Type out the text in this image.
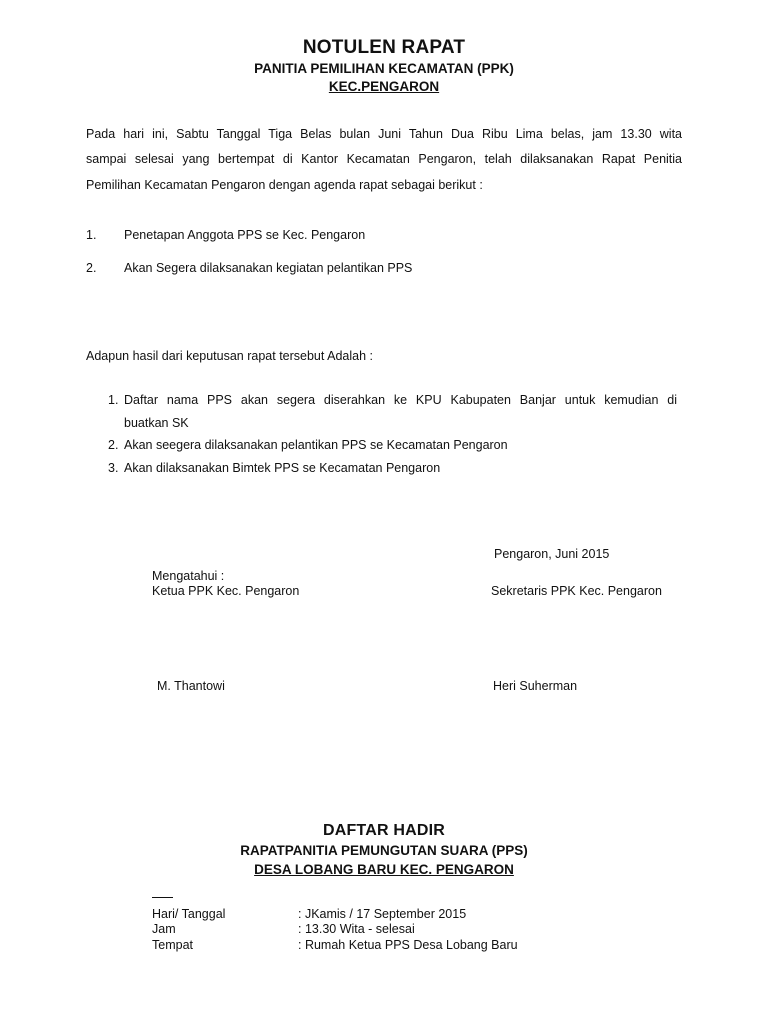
NOTULEN RAPAT
PANITIA PEMILIHAN KECAMATAN (PPK)
KEC.PENGARON
Pada hari ini, Sabtu Tanggal Tiga Belas bulan Juni Tahun Dua Ribu Lima belas, jam 13.30 wita
sampai selesai yang bertempat di Kantor Kecamatan Pengaron, telah dilaksanakan Rapat Penitia
Pemilihan Kecamatan Pengaron dengan agenda rapat sebagai berikut :
1. Penetapan Anggota PPS se Kec. Pengaron
2. Akan Segera dilaksanakan kegiatan pelantikan PPS
Adapun hasil dari keputusan rapat tersebut Adalah :
1. Daftar nama PPS akan segera diserahkan ke KPU Kabupaten Banjar untuk kemudian di
buatkan SK
2. Akan seegera dilaksanakan pelantikan PPS se Kecamatan Pengaron
3. Akan dilaksanakan Bimtek PPS se Kecamatan Pengaron
Pengaron, Juni 2015
Mengatahui :
Ketua PPK Kec. Pengaron	Sekretaris PPK Kec. Pengaron
M. Thantowi	Heri Suherman
DAFTAR HADIR
RAPATPANITIA PEMUNGUTAN SUARA (PPS)
DESA LOBANG BARU KEC. PENGARON
Hari/ Tanggal	: JKamis / 17 September 2015
Jam	: 13.30 Wita - selesai
Tempat	: Rumah Ketua PPS Desa Lobang Baru
